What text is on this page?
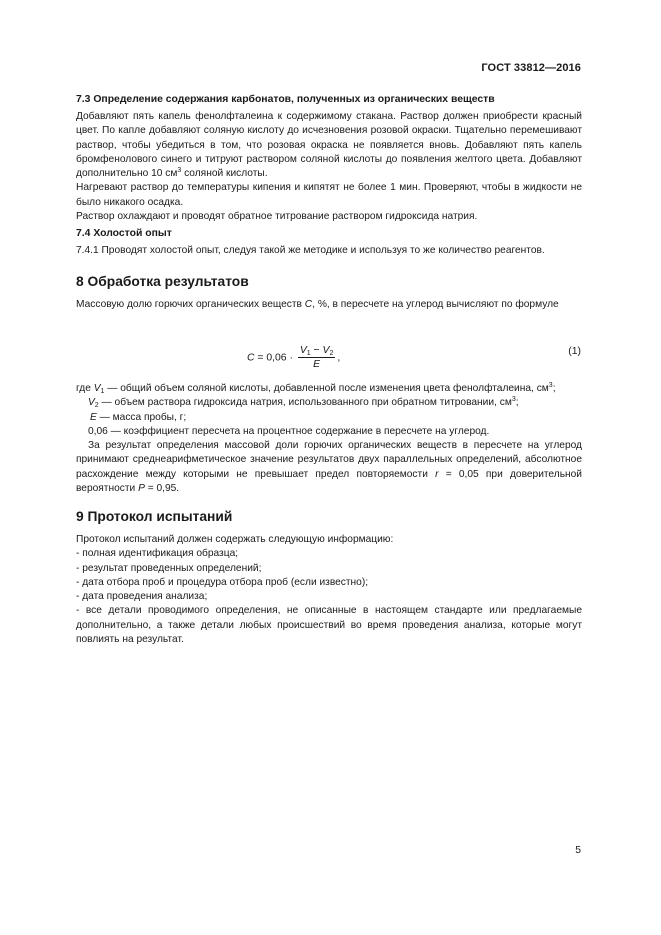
ГОСТ 33812—2016

7.3 Определение содержания карбонатов, полученных из органических веществ

Добавляют пять капель фенолфталеина к содержимому стакана. Раствор должен приобрести красный цвет. По капле добавляют соляную кислоту до исчезновения розовой окраски. Тщательно перемешивают раствор, чтобы убедиться в том, что розовая окраска не появляется вновь. Добавляют пять капель бромфенолового синего и титруют раствором соляной кислоты до появления желтого цвета. Добавляют дополнительно 10 $см^3$ соляной кислоты.

Нагревают раствор до температуры кипения и кипятят не более 1 мин. Проверяют, чтобы в жидкости не было никакого осадка.

Раствор охлаждают и проводят обратное титрование раствором гидроксида натрия.

7.4 Холостой опыт

7.4.1 Проводят холостой опыт, следуя такой же методике и используя то же количество реагентов.

8 Обработка результатов

Массовую долю горючих органических веществ C, %, в пересчете на углерод вычисляют по формуле

$C = 0,06 \cdot \frac{V_1 - V_2}{E}$ ,
(1)

где $V_1$ — общий объем соляной кислоты, добавленной после изменения цвета фенолфталеина, $см^3$;

$V_2$ — объем раствора гидроксида натрия, использованного при обратном титровании, $см^3$;

E — масса пробы, г;

0,06 — коэффициент пересчета на процентное содержание в пересчете на углерод.

За результат определения массовой доли горючих органических веществ в пересчете на углерод принимают среднеарифметическое значение результатов двух параллельных определений, абсолютное расхождение между которыми не превышает предел повторяемости r = 0,05 при доверительной вероятности P = 0,95.

9 Протокол испытаний

Протокол испытаний должен содержать следующую информацию:

- полная идентификация образца;

- результат проведенных определений;

- дата отбора проб и процедура отбора проб (если известно);

- дата проведения анализа;

- все детали проводимого определения, не описанные в настоящем стандарте или предлагаемые дополнительно, а также детали любых происшествий во время проведения анализа, которые могут повлиять на результат.

5
